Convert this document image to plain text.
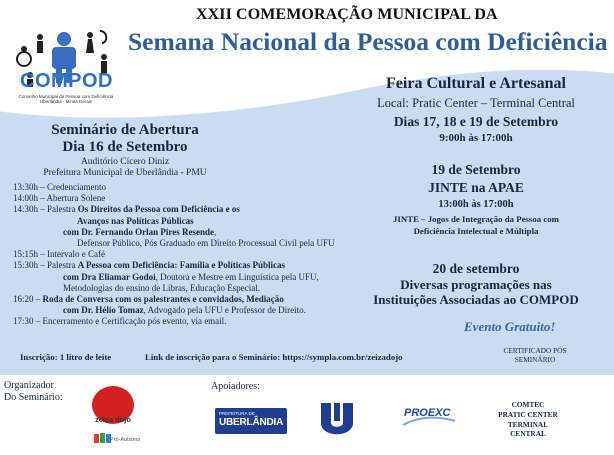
XXII COMEMORAÇÃO MUNICIPAL DA
Semana Nacional da Pessoa com Deficiência
COMPOD
Conselho Municipal da Pessoa com Deficiência Uberlândia - Minas Gerais
Seminário de Abertura
Dia 16 de Setembro
Auditório Cícero Diniz
Prefeitura Municipal de Uberlândia - PMU
13:30h – Credenciamento
14:00h – Abertura Solene
14:30h – Palestra Os Direitos da Pessoa com Deficiência e os
Avanços nas Políticas Públicas
com Dr. Fernando Orlan Pires Resende,
Defensor Público, Pós Graduado em Direito Processual Civil pela UFU
15:15h – Intervalo e Café
15:30h – Palestra A Pessoa com Deficiência: Família e Políticas Públicas
com Dra Eliamar Godoi, Doutora e Mestre em Linguística pela UFU,
Metodologias do ensino de Libras, Educação Especial.
16:20 – Roda de Conversa com os palestrantes e convidados, Mediação
com Dr. Hélio Tomaz, Advogado pela UFU e Professor de Direito.
17:30 – Encerramento e Certificação pós evento, via email.
Inscrição: 1 litro de leite	Link de inscrição para o Seminário: https://sympla.com.br/zeizadojo
Feira Cultural e Artesanal
Local: Pratic Center – Terminal Central
Dias 17, 18 e 19 de Setembro
9:00h às 17:00h
19 de Setembro
JINTE na APAE
13:00h às 17:00h
JINTE – Jogos de Integração da Pessoa com
Deficiência Intelectual e Múltipla
20 de setembro
Diversas programações nas
Instituições Associadas ao COMPOD
Evento Gratuito!
CERTIFICADO PÓS
SEMINÁRIO
Organizador
Do Seminário:
zeiza dojo
Pró-Autismo
Apoiadores:
PREFEITURA DE
UBERLÂNDIA
PROEXC
COMTEC
PRATIC CENTER
TERMINAL
CENTRAL
